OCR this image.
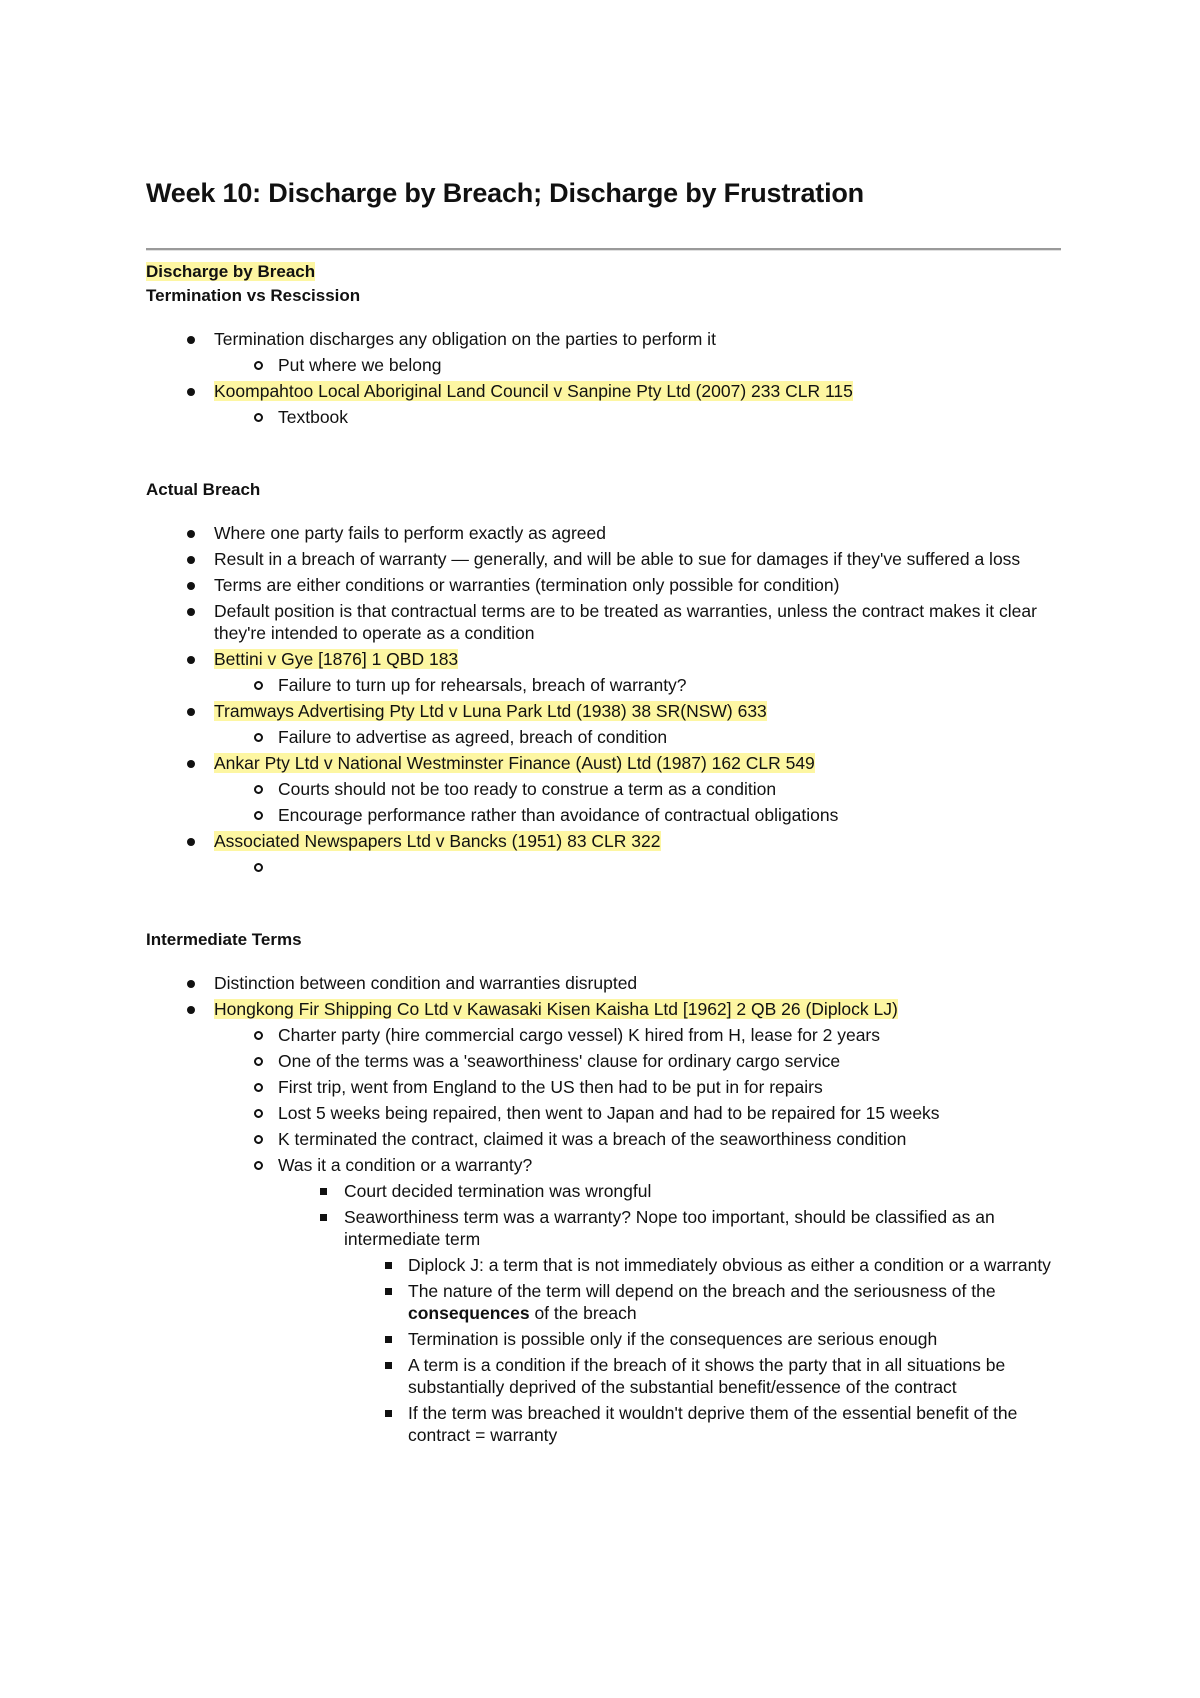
Week 10: Discharge by Breach; Discharge by Frustration

Discharge by Breach

Termination vs Rescission

Termination discharges any obligation on the parties to perform it
Put where we belong
Koompahtoo Local Aboriginal Land Council v Sanpine Pty Ltd (2007) 233 CLR 115
Textbook

Actual Breach

Where one party fails to perform exactly as agreed
Result in a breach of warranty — generally, and will be able to sue for damages if they've suffered a loss
Terms are either conditions or warranties (termination only possible for condition)
Default position is that contractual terms are to be treated as warranties, unless the contract makes it clear they're intended to operate as a condition
Bettini v Gye [1876] 1 QBD 183
Failure to turn up for rehearsals, breach of warranty?
Tramways Advertising Pty Ltd v Luna Park Ltd (1938) 38 SR(NSW) 633
Failure to advertise as agreed, breach of condition
Ankar Pty Ltd v National Westminster Finance (Aust) Ltd (1987) 162 CLR 549
Courts should not be too ready to construe a term as a condition
Encourage performance rather than avoidance of contractual obligations
Associated Newspapers Ltd v Bancks (1951) 83 CLR 322

Intermediate Terms

Distinction between condition and warranties disrupted
Hongkong Fir Shipping Co Ltd v Kawasaki Kisen Kaisha Ltd [1962] 2 QB 26 (Diplock LJ)
Charter party (hire commercial cargo vessel) K hired from H, lease for 2 years
One of the terms was a 'seaworthiness' clause for ordinary cargo service
First trip, went from England to the US then had to be put in for repairs
Lost 5 weeks being repaired, then went to Japan and had to be repaired for 15 weeks
K terminated the contract, claimed it was a breach of the seaworthiness condition
Was it a condition or a warranty?
Court decided termination was wrongful
Seaworthiness term was a warranty? Nope too important, should be classified as an intermediate term
Diplock J: a term that is not immediately obvious as either a condition or a warranty
The nature of the term will depend on the breach and the seriousness of the consequences of the breach
Termination is possible only if the consequences are serious enough
A term is a condition if the breach of it shows the party that in all situations be substantially deprived of the substantial benefit/essence of the contract
If the term was breached it wouldn't deprive them of the essential benefit of the contract = warranty
